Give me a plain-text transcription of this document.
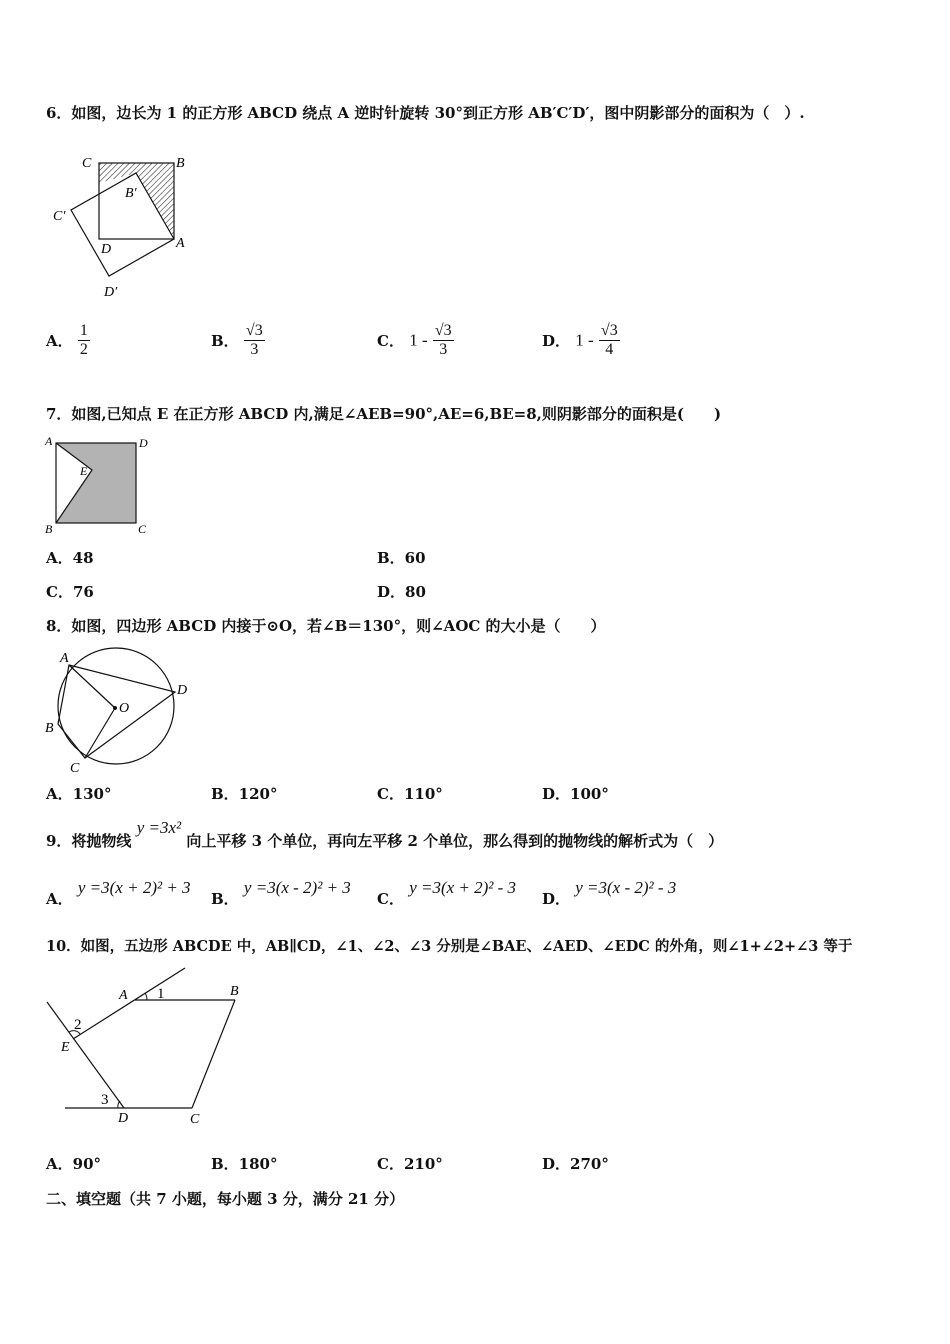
6．如图，边长为 1 的正方形 ABCD 绕点 A 逆时针旋转 30°到正方形 AB′C′D′，图中阴影部分的面积为（　）.
C	B
B′
C′
D	A
D′
A． $\frac{1}{2}$	B． $\frac{√3}{3}$	C． $1 - \frac{√3}{3}$	D． $1 - \frac{√3}{4}$
7．如图,已知点 E 在正方形 ABCD 内,满足∠AEB=90°,AE=6,BE=8,则阴影部分的面积是(　　)
A	D
E
B	C
A．48	B．60
C．76	D．80
8．如图，四边形 ABCD 内接于⊙O，若∠B＝130°，则∠AOC 的大小是（　　）
A
D
O
B
C
A．130°	B．120°	C．110°	D．100°
9．将抛物线 y =3x² 向上平移 3 个单位，再向左平移 2 个单位，那么得到的抛物线的解析式为（　）
A． y =3(x + 2)² + 3
B． y =3(x - 2)² + 3
C． y =3(x + 2)² - 3
D． y =3(x - 2)² - 3
10．如图，五边形 ABCDE 中，AB∥CD，∠1、∠2、∠3 分别是∠BAE、∠AED、∠EDC 的外角，则∠1+∠2+∠3 等于
A 1	B
2
E
3
D	C
A．90°	B．180°	C．210°	D．270°
二、填空题（共 7 小题，每小题 3 分，满分 21 分）
